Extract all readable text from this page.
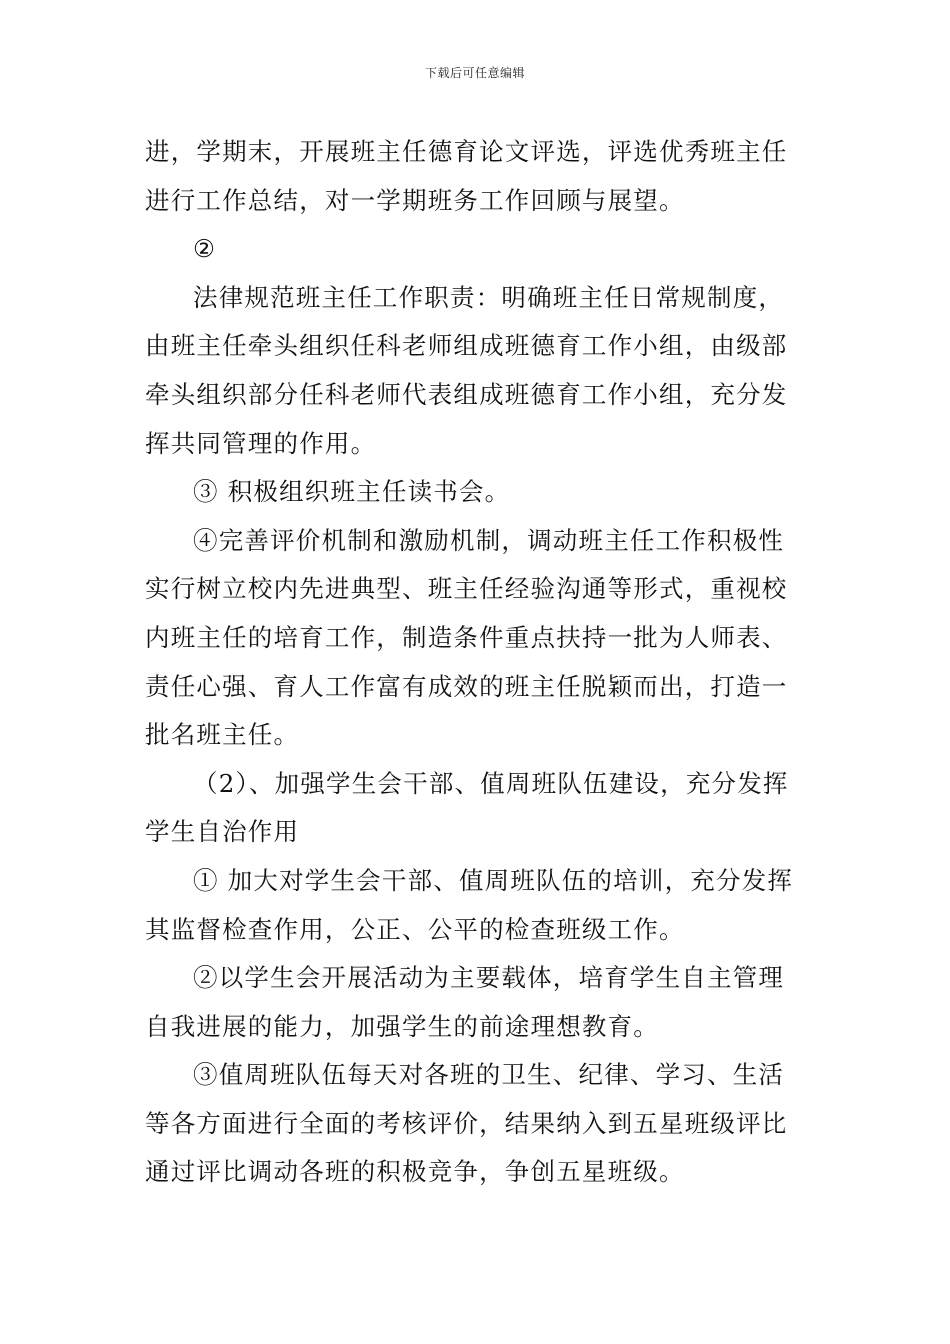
下载后可任意编辑

进，学期末，开展班主任德育论文评选，评选优秀班主任进行工作总结，对一学期班务工作回顾与展望。

②

法律规范班主任工作职责：明确班主任日常规制度，由班主任牵头组织任科老师组成班德育工作小组，由级部牵头组织部分任科老师代表组成班德育工作小组，充分发挥共同管理的作用。

③ 积极组织班主任读书会。

④完善评价机制和激励机制，调动班主任工作积极性实行树立校内先进典型、班主任经验沟通等形式，重视校内班主任的培育工作，制造条件重点扶持一批为人师表、责任心强、育人工作富有成效的班主任脱颖而出，打造一批名班主任。

（2）、加强学生会干部、值周班队伍建设，充分发挥学生自治作用

① 加大对学生会干部、值周班队伍的培训，充分发挥其监督检查作用，公正、公平的检查班级工作。

②以学生会开展活动为主要载体，培育学生自主管理自我进展的能力，加强学生的前途理想教育。

③值周班队伍每天对各班的卫生、纪律、学习、生活等各方面进行全面的考核评价，结果纳入到五星班级评比通过评比调动各班的积极竞争，争创五星班级。
